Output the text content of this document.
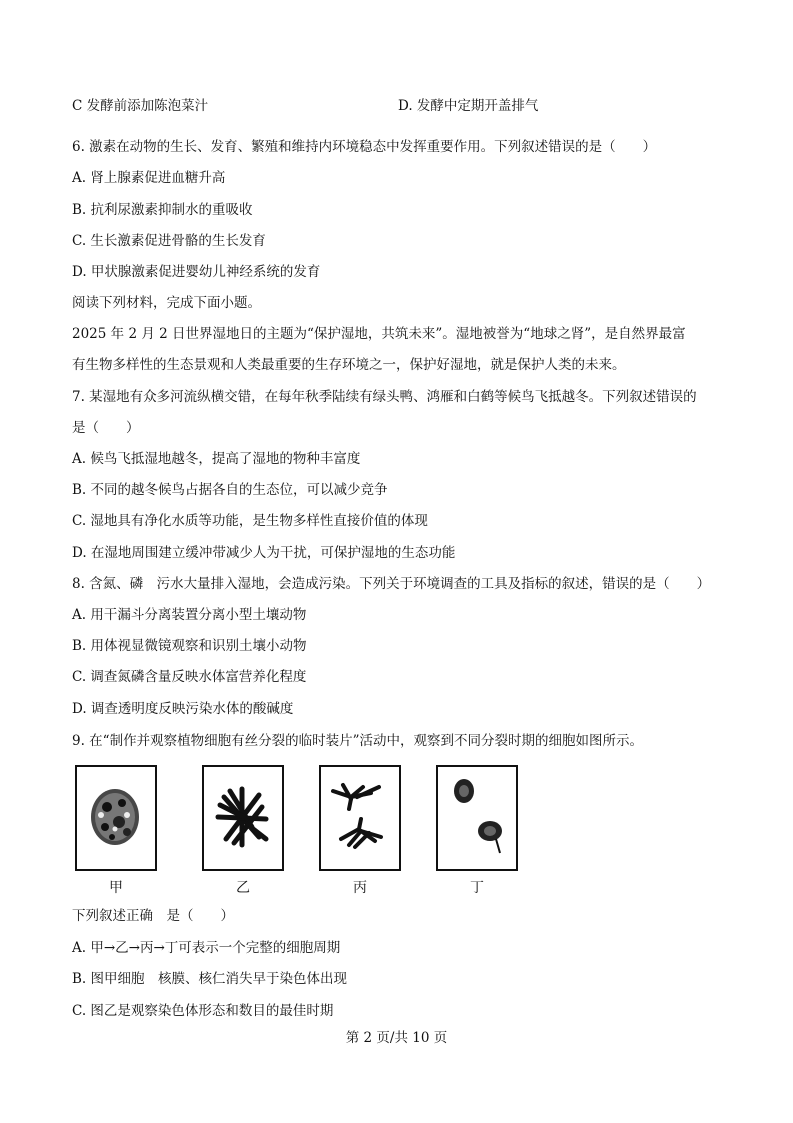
C 发酵前添加陈泡菜汁	D. 发酵中定期开盖排气
6. 激素在动物的生长、发育、繁殖和维持内环境稳态中发挥重要作用。下列叙述错误的是（　　）
A. 肾上腺素促进血糖升高
B. 抗利尿激素抑制水的重吸收
C. 生长激素促进骨骼的生长发育
D. 甲状腺激素促进婴幼儿神经系统的发育
阅读下列材料，完成下面小题。
2025 年 2 月 2 日世界湿地日的主题为“保护湿地，共筑未来”。湿地被誉为“地球之肾”，是自然界最富
有生物多样性的生态景观和人类最重要的生存环境之一，保护好湿地，就是保护人类的未来。
7. 某湿地有众多河流纵横交错，在每年秋季陆续有绿头鸭、鸿雁和白鹤等候鸟飞抵越冬。下列叙述错误的
是（　　）
A. 候鸟飞抵湿地越冬，提高了湿地的物种丰富度
B. 不同的越冬候鸟占据各自的生态位，可以减少竞争
C. 湿地具有净化水质等功能，是生物多样性直接价值的体现
D. 在湿地周围建立缓冲带减少人为干扰，可保护湿地的生态功能
8. 含氮、磷　污水大量排入湿地，会造成污染。下列关于环境调查的工具及指标的叙述，错误的是（　　）
A. 用干漏斗分离装置分离小型土壤动物
B. 用体视显微镜观察和识别土壤小动物
C. 调查氮磷含量反映水体富营养化程度
D. 调查透明度反映污染水体的酸碱度
9. 在“制作并观察植物细胞有丝分裂的临时装片”活动中，观察到不同分裂时期的细胞如图所示。
甲	乙	丙	丁
下列叙述正确　是（　　）
A. 甲→乙→丙→丁可表示一个完整的细胞周期
B. 图甲细胞　核膜、核仁消失早于染色体出现
C. 图乙是观察染色体形态和数目的最佳时期
第 2 页/共 10 页
